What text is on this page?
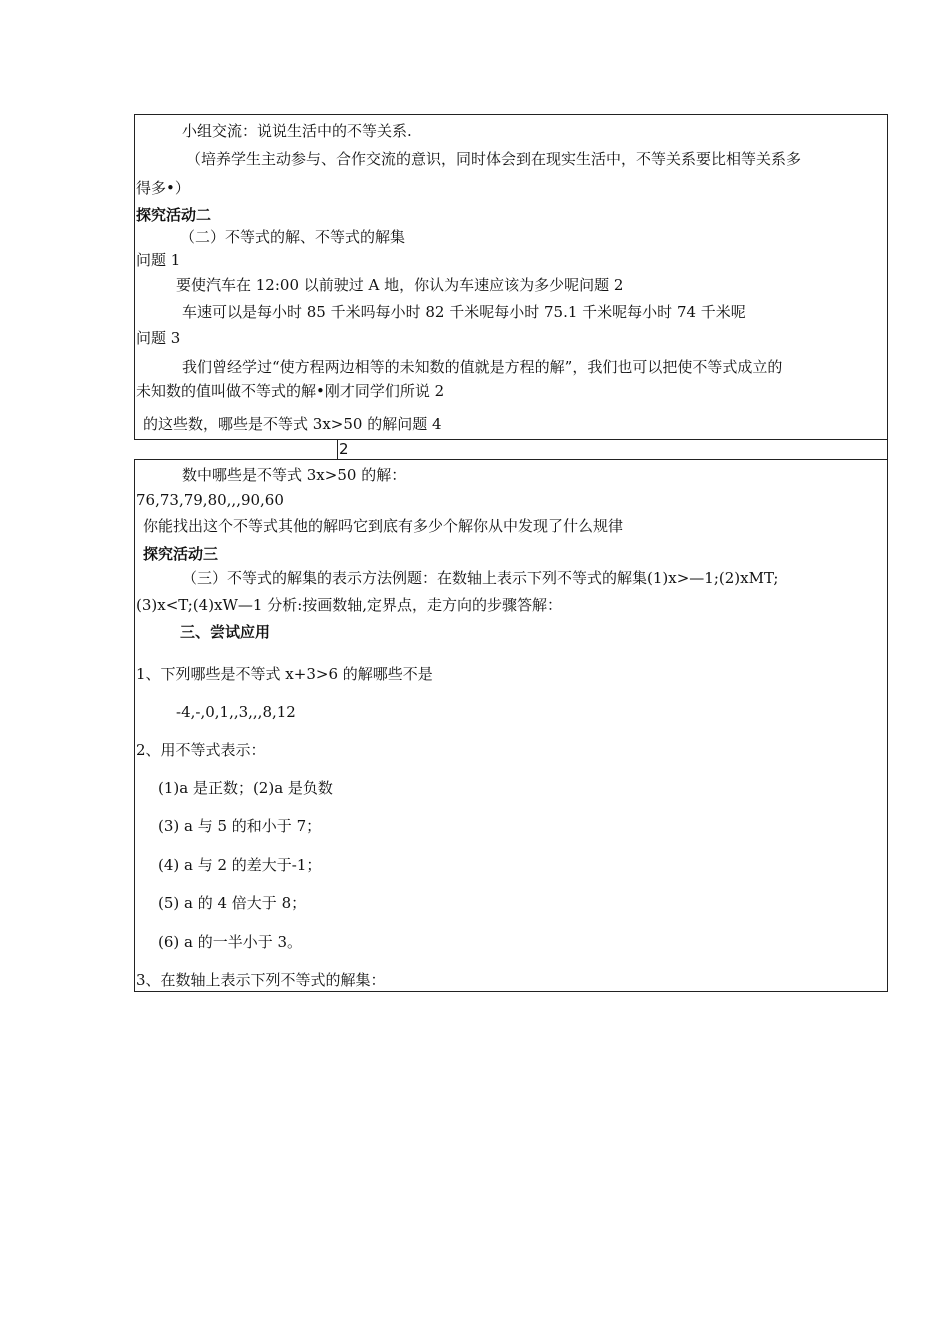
小组交流：说说生活中的不等关系.
（培养学生主动参与、合作交流的意识，同时体会到在现实生活中，不等关系要比相等关系多
得多•）
探究活动二
（二）不等式的解、不等式的解集
问题 1
要使汽车在 12:00 以前驶过 A 地，你认为车速应该为多少呢问题 2
车速可以是每小时 85 千米吗每小时 82 千米呢每小时 75.1 千米呢每小时 74 千米呢
问题 3
我们曾经学过“使方程两边相等的未知数的值就是方程的解”，我们也可以把使不等式成立的
未知数的值叫做不等式的解•刚才同学们所说 2
的这些数，哪些是不等式 3x>50 的解问题 4
2
数中哪些是不等式 3x>50 的解：
76,73,79,80,,,90,60
你能找出这个不等式其他的解吗它到底有多少个解你从中发现了什么规律
探究活动三
（三）不等式的解集的表示方法例题：在数轴上表示下列不等式的解集(1)x>—1;(2)xMT;
(3)x<T;(4)xW—1 分析:按画数轴,定界点，走方向的步骤答解：
三、尝试应用
1、下列哪些是不等式 x+3>6 的解哪些不是
-4,-,0,1,,3,,,8,12
2、用不等式表示：
(1)a 是正数；(2)a 是负数
(3) a 与 5 的和小于 7；
(4) a 与 2 的差大于-1；
(5) a 的 4 倍大于 8；
(6) a 的一半小于 3。
3、在数轴上表示下列不等式的解集：
